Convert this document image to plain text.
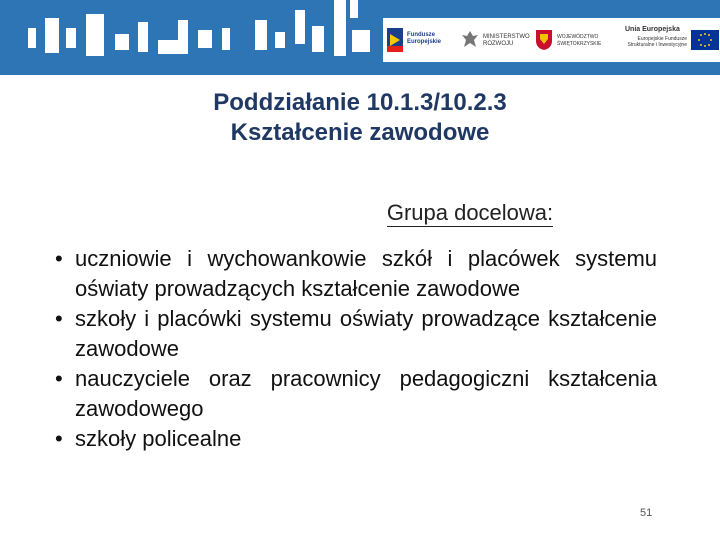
Fundusze Europejskie
MINISTERSTWO ROZWOJU
WOJEWÓDZTWO ŚWIĘTOKRZYSKIE
Unia Europejska
Europejskie Fundusze Strukturalne i Inwestycyjne
Poddziałanie 10.1.3/10.2.3
Kształcenie zawodowe
Grupa docelowa:
• uczniowie i wychowankowie szkół i placówek systemu oświaty prowadzących kształcenie zawodowe
• szkoły i placówki systemu oświaty prowadzące kształcenie zawodowe
• nauczyciele oraz pracownicy pedagogiczni kształcenia zawodowego
• szkoły policealne
51
